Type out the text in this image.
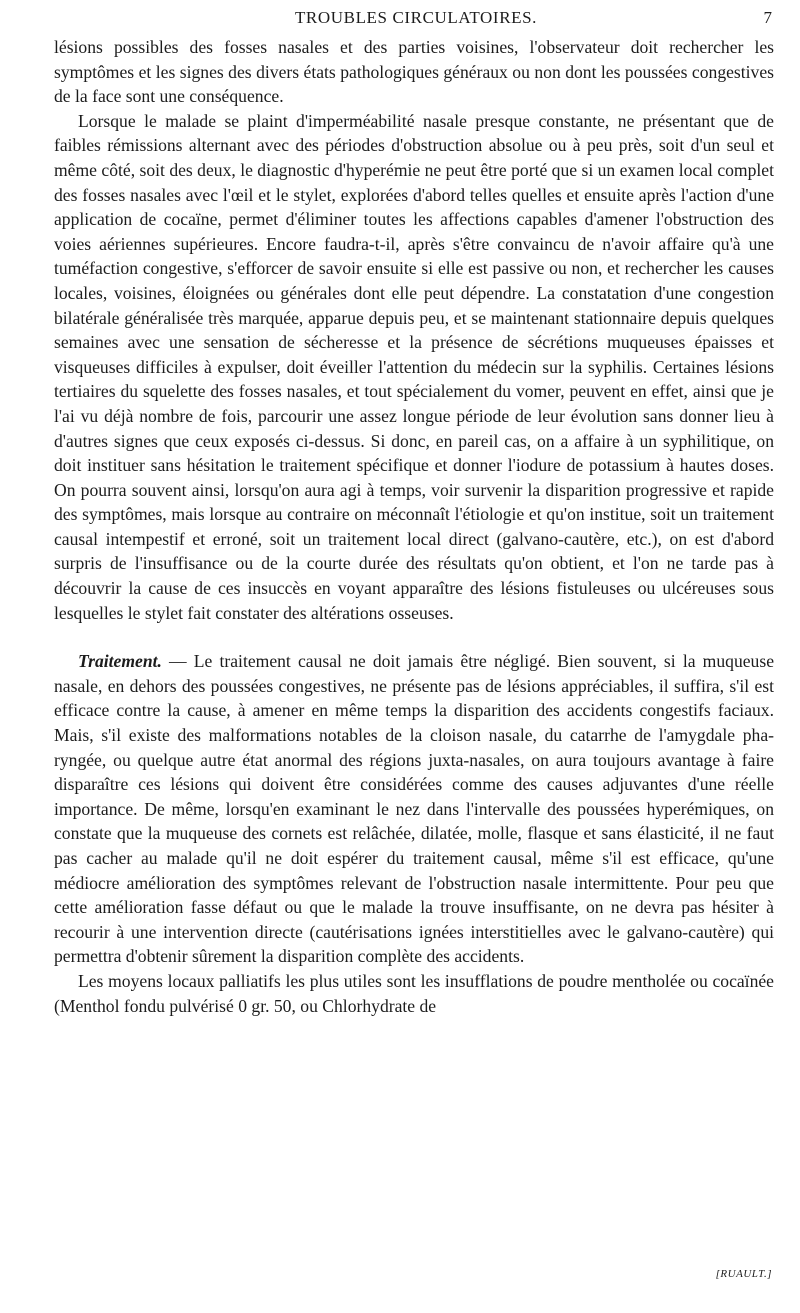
TROUBLES CIRCULATOIRES.	7

lésions possibles des fosses nasales et des parties voisines, l'observateur doit rechercher les symptômes et les signes des divers états pathologiques généraux ou non dont les poussées congestives de la face sont une conséquence.

Lorsque le malade se plaint d'imperméabilité nasale presque constante, ne présentant que de faibles rémissions alternant avec des périodes d'obstruction absolue ou à peu près, soit d'un seul et même côté, soit des deux, le diagnostic d'hyperémie ne peut être porté que si un examen local complet des fosses nasales avec l'œil et le stylet, explorées d'abord telles quelles et ensuite après l'action d'une application de cocaïne, permet d'éliminer toutes les affections capables d'amener l'obstruction des voies aériennes supérieures. Encore faudra-t-il, après s'être convaincu de n'avoir affaire qu'à une tuméfaction congestive, s'efforcer de savoir ensuite si elle est passive ou non, et rechercher les causes locales, voisines, éloignées ou générales dont elle peut dépendre. La constatation d'une congestion bilatérale généralisée très marquée, apparue depuis peu, et se maintenant stationnaire depuis quelques semaines avec une sensation de sécheresse et la présence de sécrétions muqueuses épaisses et visqueuses difficiles à expulser, doit éveiller l'attention du médecin sur la syphilis. Certaines lésions tertiaires du squelette des fosses nasales, et tout spécialement du vomer, peuvent en effet, ainsi que je l'ai vu déjà nombre de fois, parcourir une assez longue période de leur évolution sans donner lieu à d'autres signes que ceux exposés ci-dessus. Si donc, en pareil cas, on a affaire à un syphilitique, on doit instituer sans hésitation le traitement spécifique et donner l'iodure de potassium à hautes doses. On pourra souvent ainsi, lorsqu'on aura agi à temps, voir survenir la disparition progressive et rapide des symptômes, mais lorsque au contraire on méconnaît l'étiologie et qu'on institue, soit un traitement causal intempestif et erroné, soit un traitement local direct (galvano-cautère, etc.), on est d'abord surpris de l'insuffisance ou de la courte durée des résultats qu'on obtient, et l'on ne tarde pas à découvrir la cause de ces insuccès en voyant apparaître des lésions fistuleuses ou ulcéreuses sous lesquelles le stylet fait constater des altérations osseuses.

Traitement. — Le traitement causal ne doit jamais être négligé. Bien souvent, si la muqueuse nasale, en dehors des poussées congestives, ne présente pas de lésions appréciables, il suffira, s'il est efficace contre la cause, à amener en même temps la disparition des accidents congestifs faciaux. Mais, s'il existe des malformations notables de la cloison nasale, du catarrhe de l'amygdale pharyngée, ou quelque autre état anormal des régions juxta-nasales, on aura toujours avantage à faire disparaître ces lésions qui doivent être considérées comme des causes adjuvantes d'une réelle importance. De même, lorsqu'en examinant le nez dans l'intervalle des poussées hyperémiques, on constate que la muqueuse des cornets est relâchée, dilatée, molle, flasque et sans élasticité, il ne faut pas cacher au malade qu'il ne doit espérer du traitement causal, même s'il est efficace, qu'une médiocre amélioration des symptômes relevant de l'obstruction nasale intermittente. Pour peu que cette amélioration fasse défaut ou que le malade la trouve insuffisante, on ne devra pas hésiter à recourir à une intervention directe (cautérisations ignées interstitielles avec le galvano-cautère) qui permettra d'obtenir sûrement la disparition complète des accidents.

Les moyens locaux palliatifs les plus utiles sont les insufflations de poudre mentholée ou cocaïnée (Menthol fondu pulvérisé 0 gr. 50, ou Chlorhydrate de

[RUAULT.]
